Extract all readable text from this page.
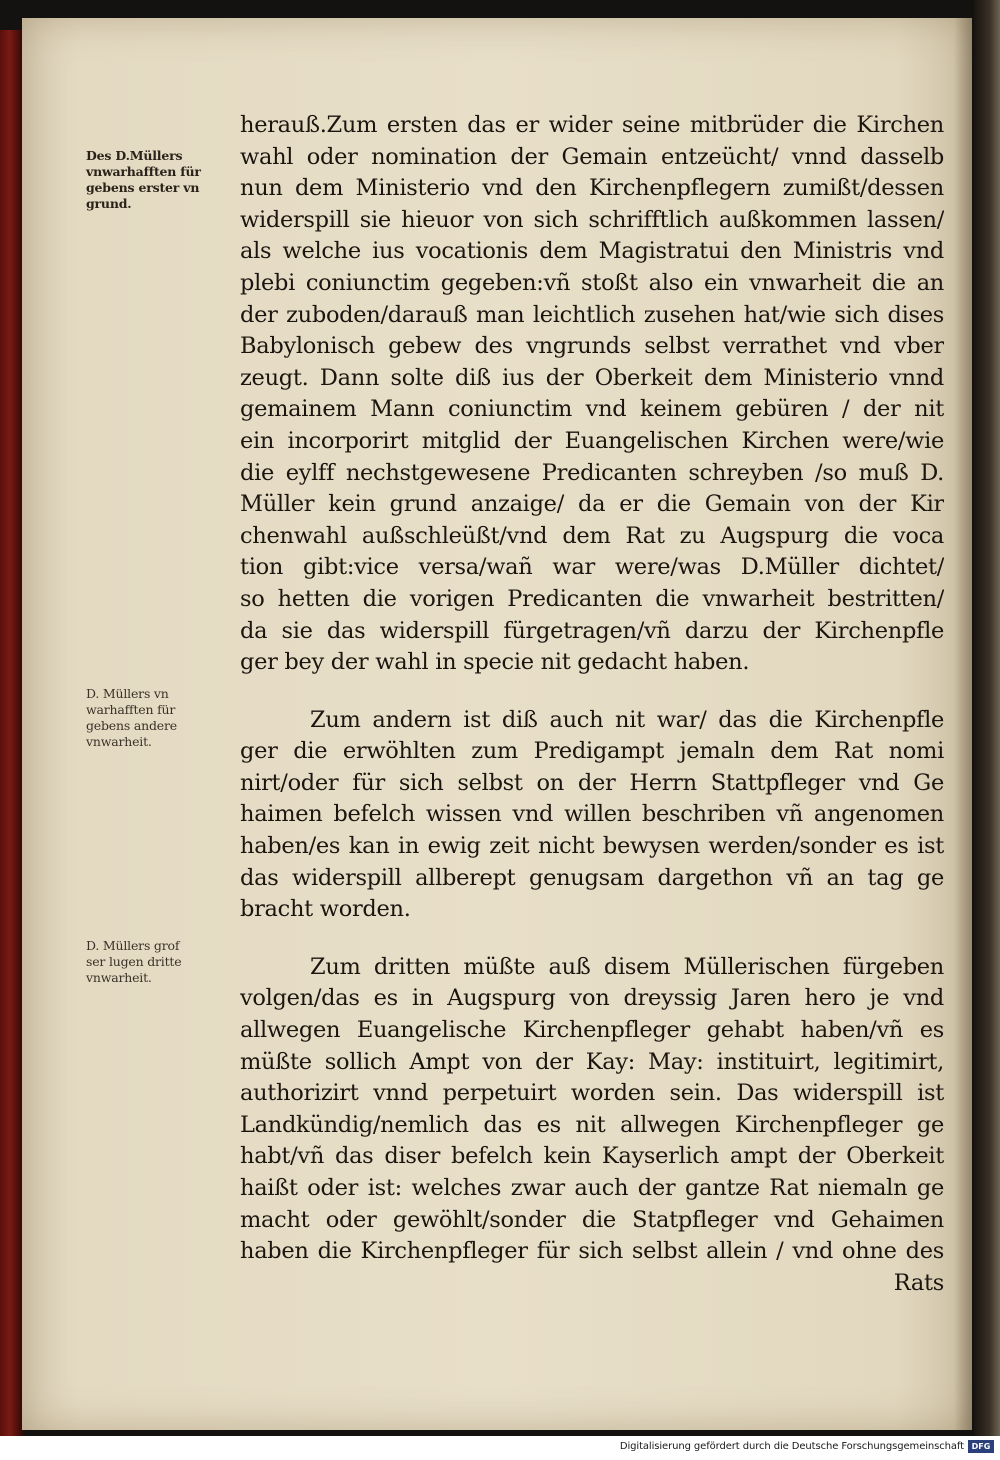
Des D.Müllers
vnwarhafften für
gebens erster vn
grund.
D. Müllers vn
warhafften für
gebens andere
vnwarheit.
D. Müllers grof
ser lugen dritte
vnwarheit.

herauß.Zum ersten das er wider seine mitbrüder die Kirchen
wahl oder nomination der Gemain entzeücht/ vnnd dasselb
nun dem Ministerio vnd den Kirchenpflegern zumißt/dessen
widerspill sie hieuor von sich schrifftlich außkommen lassen/
als welche ius vocationis dem Magistratui den Ministris vnd
plebi coniunctim gegeben:vñ stoßt also ein vnwarheit die an
der zuboden/darauß man leichtlich zusehen hat/wie sich dises
Babylonisch gebew des vngrunds selbst verrathet vnd vber
zeugt. Dann solte diß ius der Oberkeit dem Ministerio vnnd
gemainem Mann coniunctim vnd keinem gebüren / der nit
ein incorporirt mitglid der Euangelischen Kirchen were/wie
die eylff nechstgewesene Predicanten schreyben /so muß D.
Müller kein grund anzaige/ da er die Gemain von der Kir
chenwahl außschleüßt/vnd dem Rat zu Augspurg die voca
tion gibt:vice versa/wañ war were/was D.Müller dichtet/
so hetten die vorigen Predicanten die vnwarheit bestritten/
da sie das widerspill fürgetragen/vñ darzu der Kirchenpfle
ger bey der wahl in specie nit gedacht haben.

Zum andern ist diß auch nit war/ das die Kirchenpfle
ger die erwöhlten zum Predigampt jemaln dem Rat nomi
nirt/oder für sich selbst on der Herrn Stattpfleger vnd Ge
haimen befelch wissen vnd willen beschriben vñ angenomen
haben/es kan in ewig zeit nicht bewysen werden/sonder es ist
das widerspill allberept genugsam dargethon vñ an tag ge
bracht worden.

Zum dritten müßte auß disem Müllerischen fürgeben
volgen/das es in Augspurg von dreyssig Jaren hero je vnd
allwegen Euangelische Kirchenpfleger gehabt haben/vñ es
müßte sollich Ampt von der Kay: May: instituirt, legitimirt,
authorizirt vnnd perpetuirt worden sein. Das widerspill ist
Landkündig/nemlich das es nit allwegen Kirchenpfleger ge
habt/vñ das diser befelch kein Kayserlich ampt der Oberkeit
haißt oder ist: welches zwar auch der gantze Rat niemaln ge
macht oder gewöhlt/sonder die Statpfleger vnd Gehaimen
haben die Kirchenpfleger für sich selbst allein / vnd ohne des
Rats

Digitalisierung gefördert durch die Deutsche Forschungsgemeinschaft DFG
